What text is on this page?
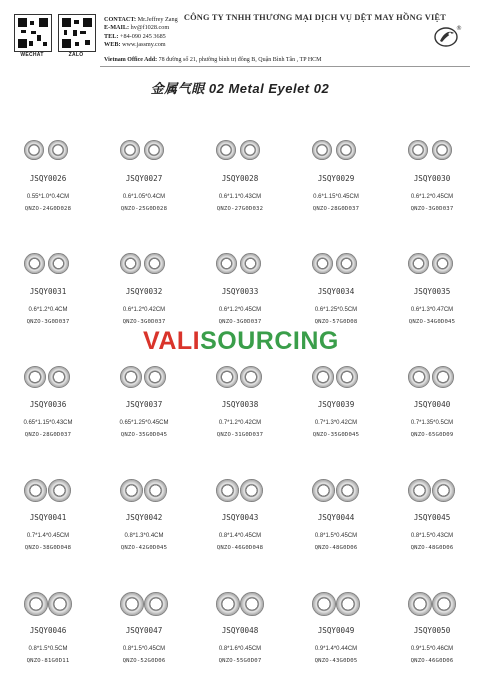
WECHAT	ZALO
CONTACT: Mr.Jeffrey Zang
E-MAIL: hv@f1028.com
TEL: +84-090 245 3685
WEB: www.jassmy.com
CÔNG TY TNHH THƯƠNG MẠI DỊCH VỤ DỆT MAY HỒNG VIỆT
®
Vietnam Office Add: 78 đường số 21, phường bình trị đông B, Quận Bình Tân , TP HCM
金属气眼 02 Metal Eyelet 02
VALISOURCING
JSQY0026
0.55*1.0*0.4CM
QNZO-24G0D028
JSQY0027
0.6*1.05*0.4CM
QNZO-25G0D028
JSQY0028
0.6*1.1*0.43CM
QNZO-27G0D032
JSQY0029
0.6*1.15*0.45CM
QNZO-28G0D037
JSQY0030
0.6*1.2*0.45CM
QNZO-3G0D037
JSQY0031
0.6*1.2*0.4CM
QNZO-3G0D037
JSQY0032
0.6*1.2*0.42CM
QNZO-3G0D037
JSQY0033
0.6*1.2*0.45CM
QNZO-3G0D037
JSQY0034
0.6*1.25*0.5CM
QNZO-57G0D08
JSQY0035
0.6*1.3*0.47CM
QNZO-34G0D045
JSQY0036
0.65*1.15*0.43CM
QNZO-28G0D037
JSQY0037
0.65*1.25*0.45CM
QNZO-35G0D045
JSQY0038
0.7*1.2*0.42CM
QNZO-31G0D037
JSQY0039
0.7*1.3*0.42CM
QNZO-35G0D045
JSQY0040
0.7*1.35*0.5CM
QNZO-65G0D09
JSQY0041
0.7*1.4*0.45CM
QNZO-38G0D048
JSQY0042
0.8*1.3*0.4CM
QNZO-42G0D045
JSQY0043
0.8*1.4*0.45CM
QNZO-46G0D048
JSQY0044
0.8*1.5*0.45CM
QNZO-48G0D06
JSQY0045
0.8*1.5*0.43CM
QNZO-48G0D06
JSQY0046
0.8*1.5*0.5CM
QNZO-81G0D11
JSQY0047
0.8*1.5*0.45CM
QNZO-52G0D06
JSQY0048
0.8*1.6*0.45CM
QNZO-55G0D07
JSQY0049
0.9*1.4*0.44CM
QNZO-43G0D05
JSQY0050
0.9*1.5*0.46CM
QNZO-46G0D06
